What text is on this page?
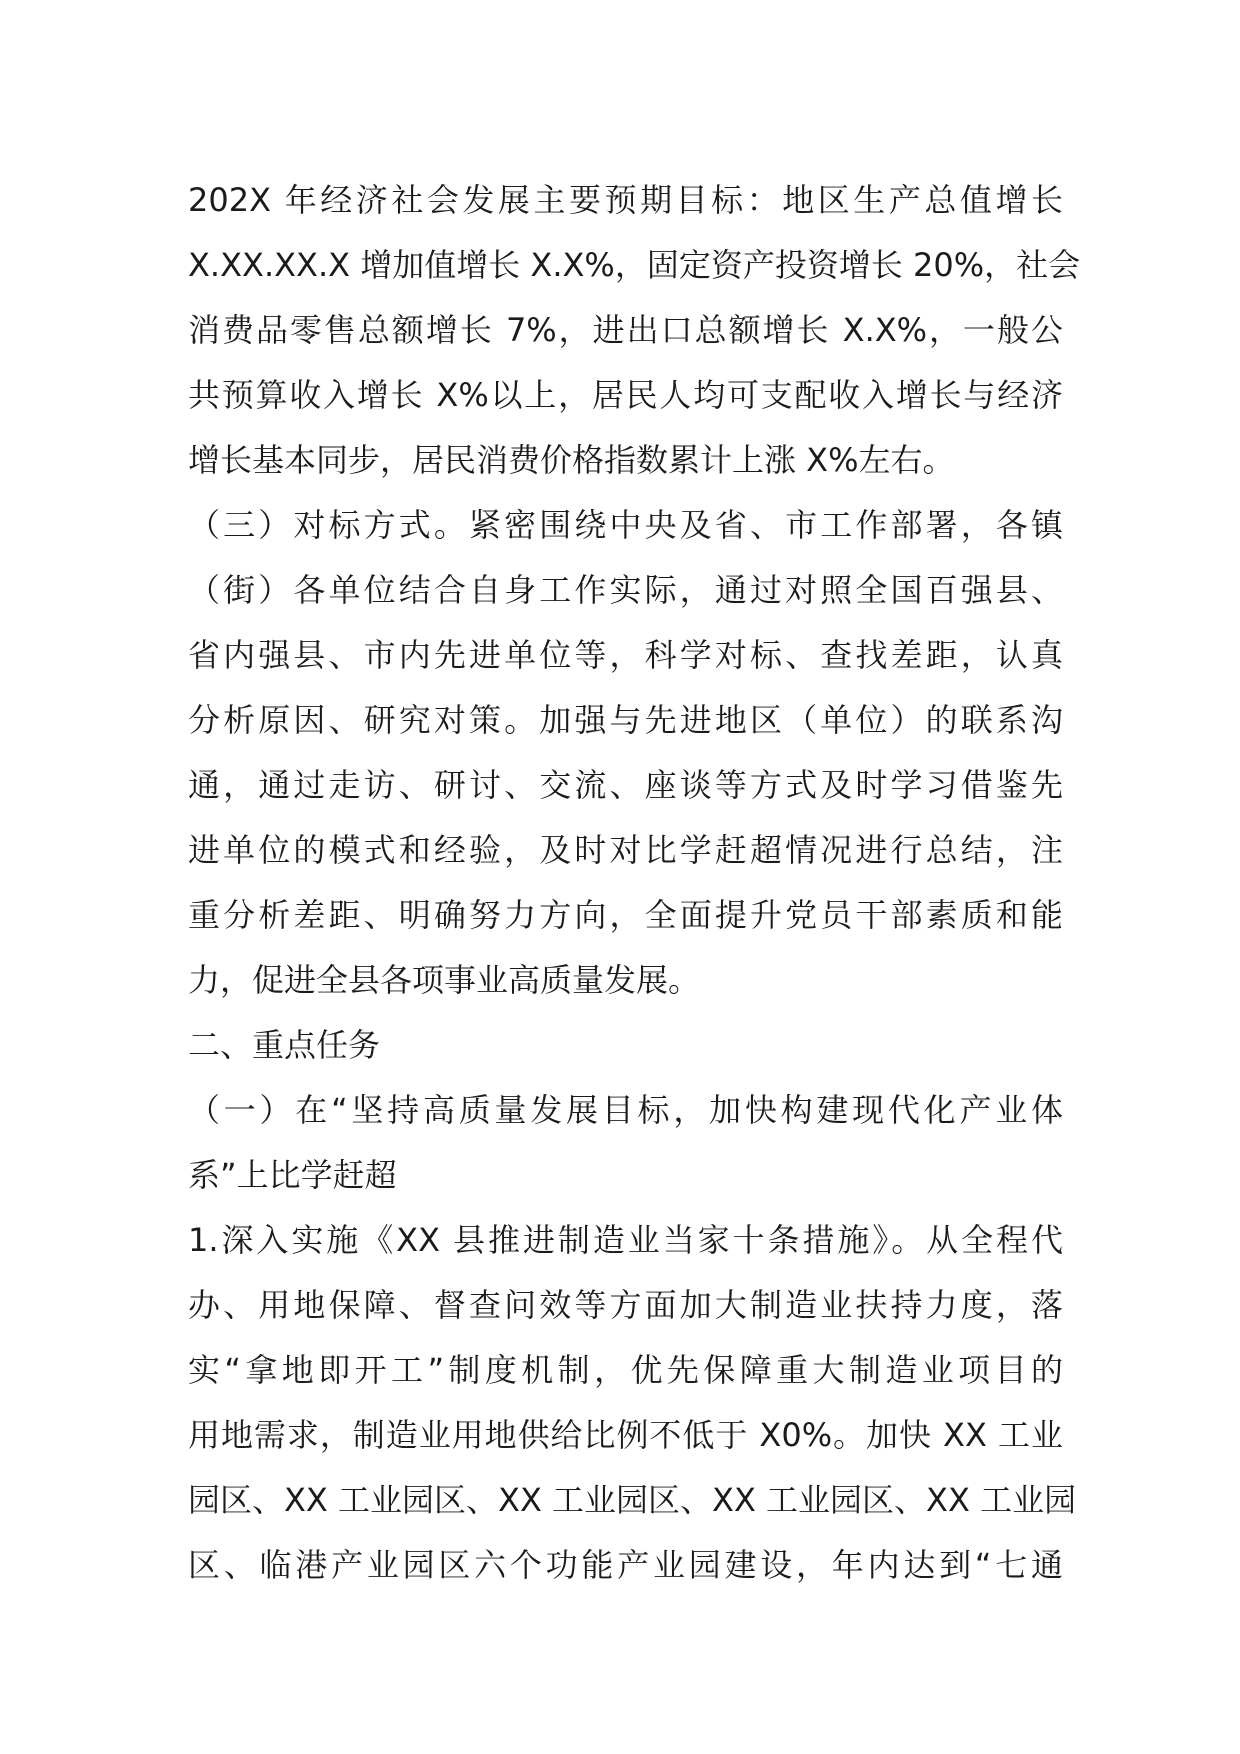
202X 年经济社会发展主要预期目标：地区生产总值增长
X.XX.XX.X 增加值增长 X.X%，固定资产投资增长 20%，社会
消费品零售总额增长 7%，进出口总额增长 X.X%，一般公
共预算收入增长 X%以上，居民人均可支配收入增长与经济
增长基本同步，居民消费价格指数累计上涨 X%左右。
（三）对标方式。紧密围绕中央及省、市工作部署，各镇
（街）各单位结合自身工作实际，通过对照全国百强县、
省内强县、市内先进单位等，科学对标、查找差距，认真
分析原因、研究对策。加强与先进地区（单位）的联系沟
通，通过走访、研讨、交流、座谈等方式及时学习借鉴先
进单位的模式和经验，及时对比学赶超情况进行总结，注
重分析差距、明确努力方向，全面提升党员干部素质和能
力，促进全县各项事业高质量发展。
二、重点任务
（一）在“坚持高质量发展目标，加快构建现代化产业体
系”上比学赶超
1.深入实施《XX 县推进制造业当家十条措施》。从全程代
办、用地保障、督查问效等方面加大制造业扶持力度，落
实“拿地即开工”制度机制，优先保障重大制造业项目的
用地需求，制造业用地供给比例不低于 X0%。加快 XX 工业
园区、XX 工业园区、XX 工业园区、XX 工业园区、XX 工业园
区、临港产业园区六个功能产业园建设，年内达到“七通
